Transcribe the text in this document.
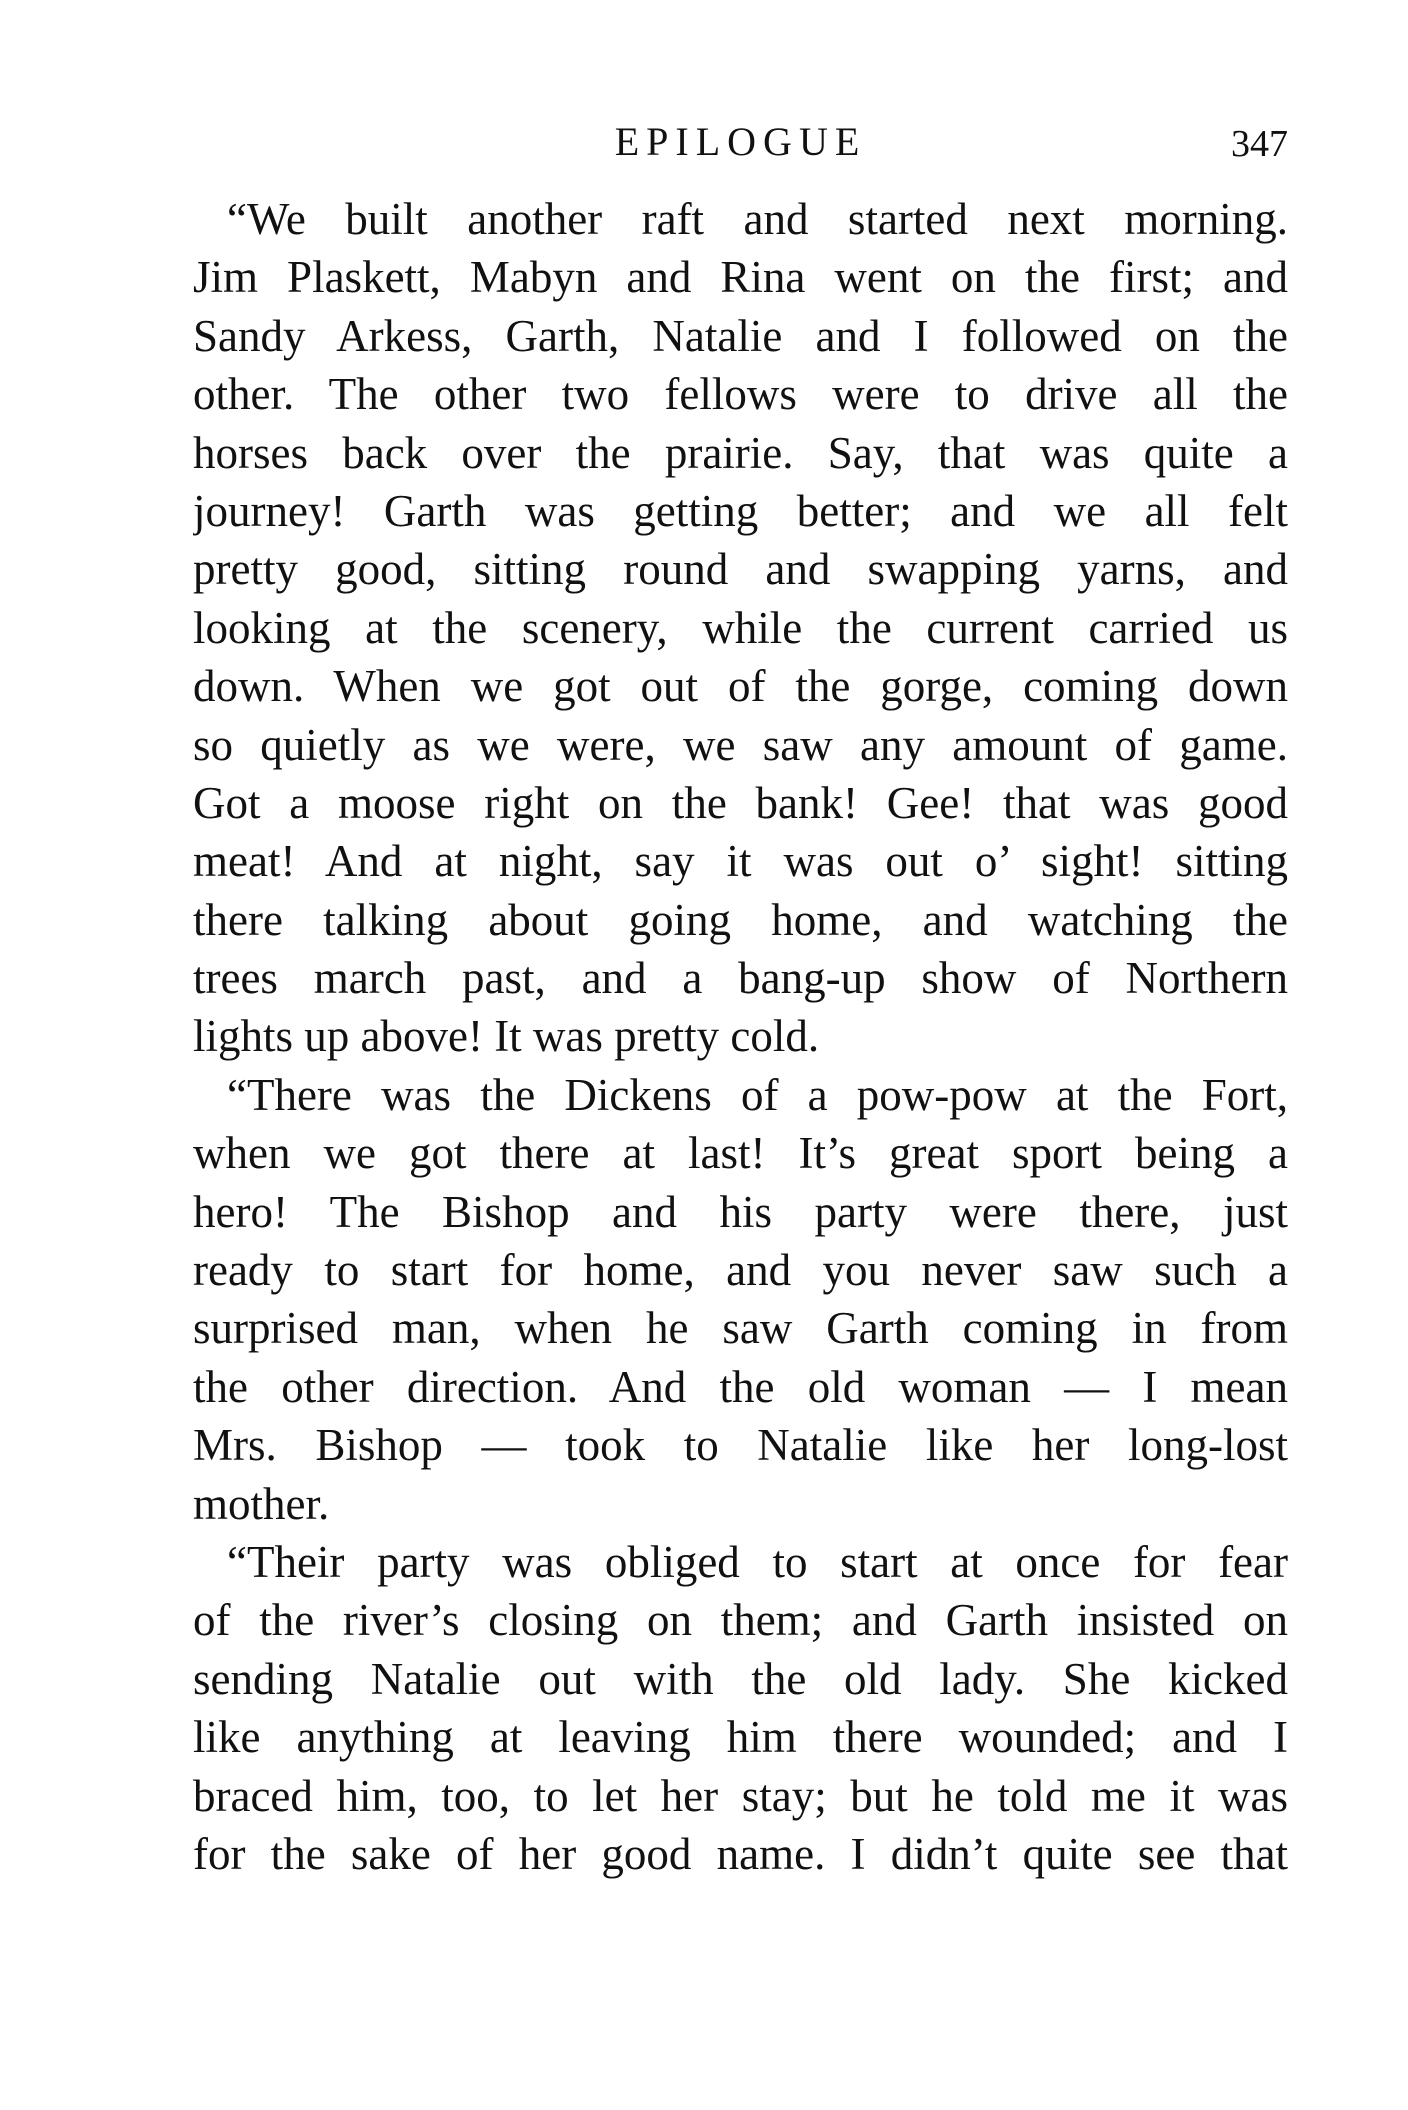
EPILOGUE	347
“We built another raft and started next morning.
Jim Plaskett, Mabyn and Rina went on the first; and
Sandy Arkess, Garth, Natalie and I followed on the
other. The other two fellows were to drive all the
horses back over the prairie. Say, that was quite a
journey! Garth was getting better; and we all felt
pretty good, sitting round and swapping yarns, and
looking at the scenery, while the current carried us
down. When we got out of the gorge, coming down
so quietly as we were, we saw any amount of game.
Got a moose right on the bank! Gee! that was good
meat! And at night, say it was out o’ sight! sitting
there talking about going home, and watching the
trees march past, and a bang-up show of Northern
lights up above! It was pretty cold.
“There was the Dickens of a pow-pow at the Fort,
when we got there at last! It’s great sport being a
hero! The Bishop and his party were there, just
ready to start for home, and you never saw such a
surprised man, when he saw Garth coming in from
the other direction. And the old woman — I mean
Mrs. Bishop — took to Natalie like her long-lost
mother.
“Their party was obliged to start at once for fear
of the river’s closing on them; and Garth insisted on
sending Natalie out with the old lady. She kicked
like anything at leaving him there wounded; and I
braced him, too, to let her stay; but he told me it was
for the sake of her good name. I didn’t quite see that
